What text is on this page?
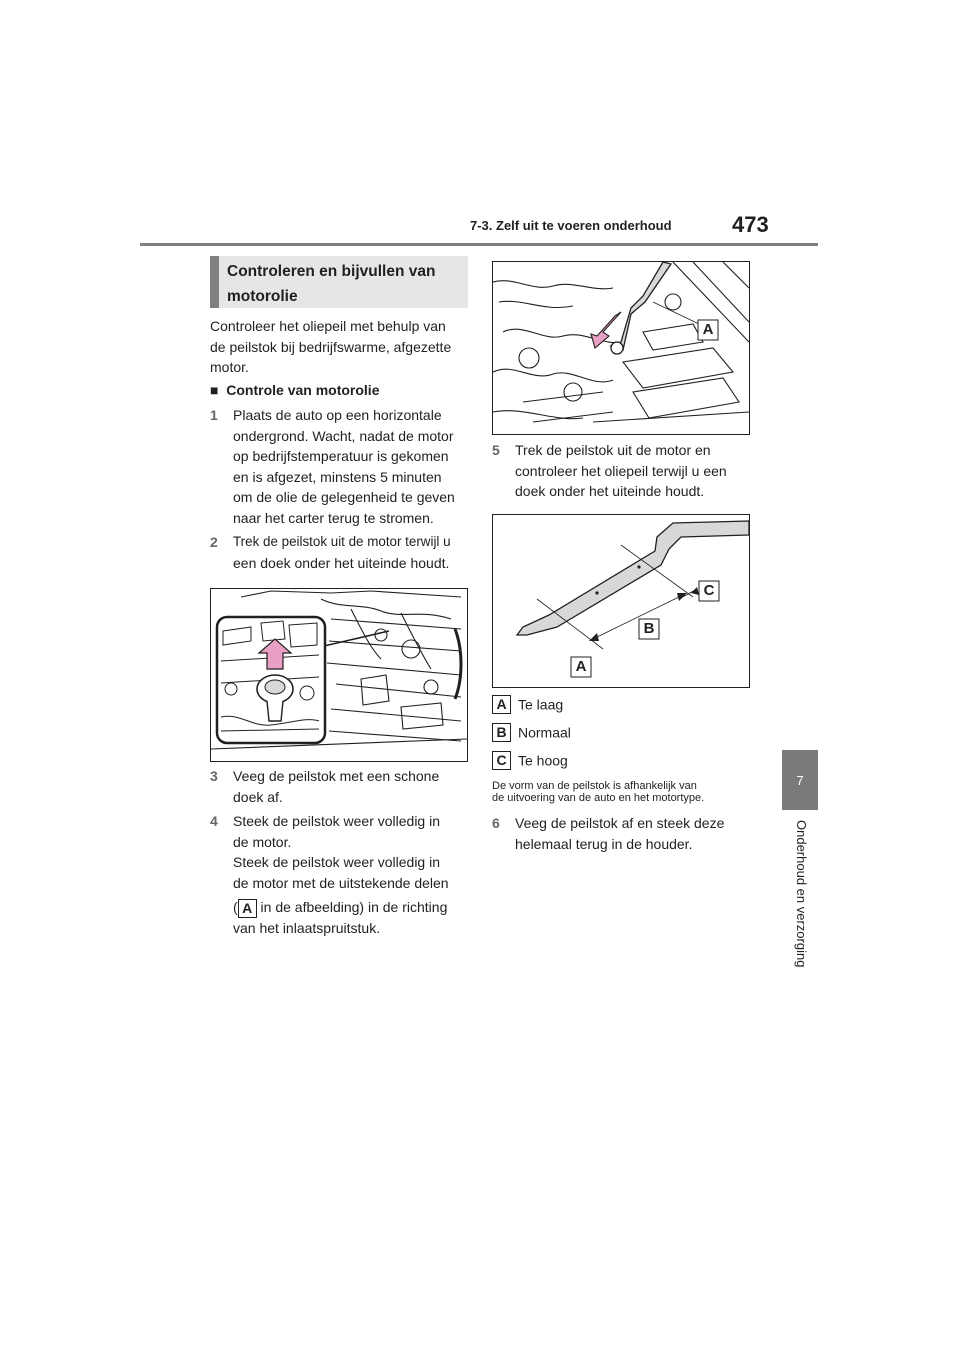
7-3. Zelf uit te voeren onderhoud	473
7
Onderhoud en verzorging
Controleren en bijvullen van
motorolie
Controleer het oliepeil met behulp van
de peilstok bij bedrijfswarme, afgezette
motor.
■ Controle van motorolie
1 Plaats de auto op een horizontale
ondergrond. Wacht, nadat de motor
op bedrijfstemperatuur is gekomen
en is afgezet, minstens 5 minuten
om de olie de gelegenheid te geven
naar het carter terug te stromen.
2 Trek de peilstok uit de motor terwijl u
een doek onder het uiteinde houdt.
3 Veeg de peilstok met een schone
doek af.
4 Steek de peilstok weer volledig in
de motor.
Steek de peilstok weer volledig in
de motor met de uitstekende delen
( A in de afbeelding) in de richting
van het inlaatspruitstuk.
A
5 Trek de peilstok uit de motor en
controleer het oliepeil terwijl u een
doek onder het uiteinde houdt.
C
B
A
A Te laag
B Normaal
C Te hoog
De vorm van de peilstok is afhankelijk van
de uitvoering van de auto en het motortype.
6 Veeg de peilstok af en steek deze
helemaal terug in de houder.
